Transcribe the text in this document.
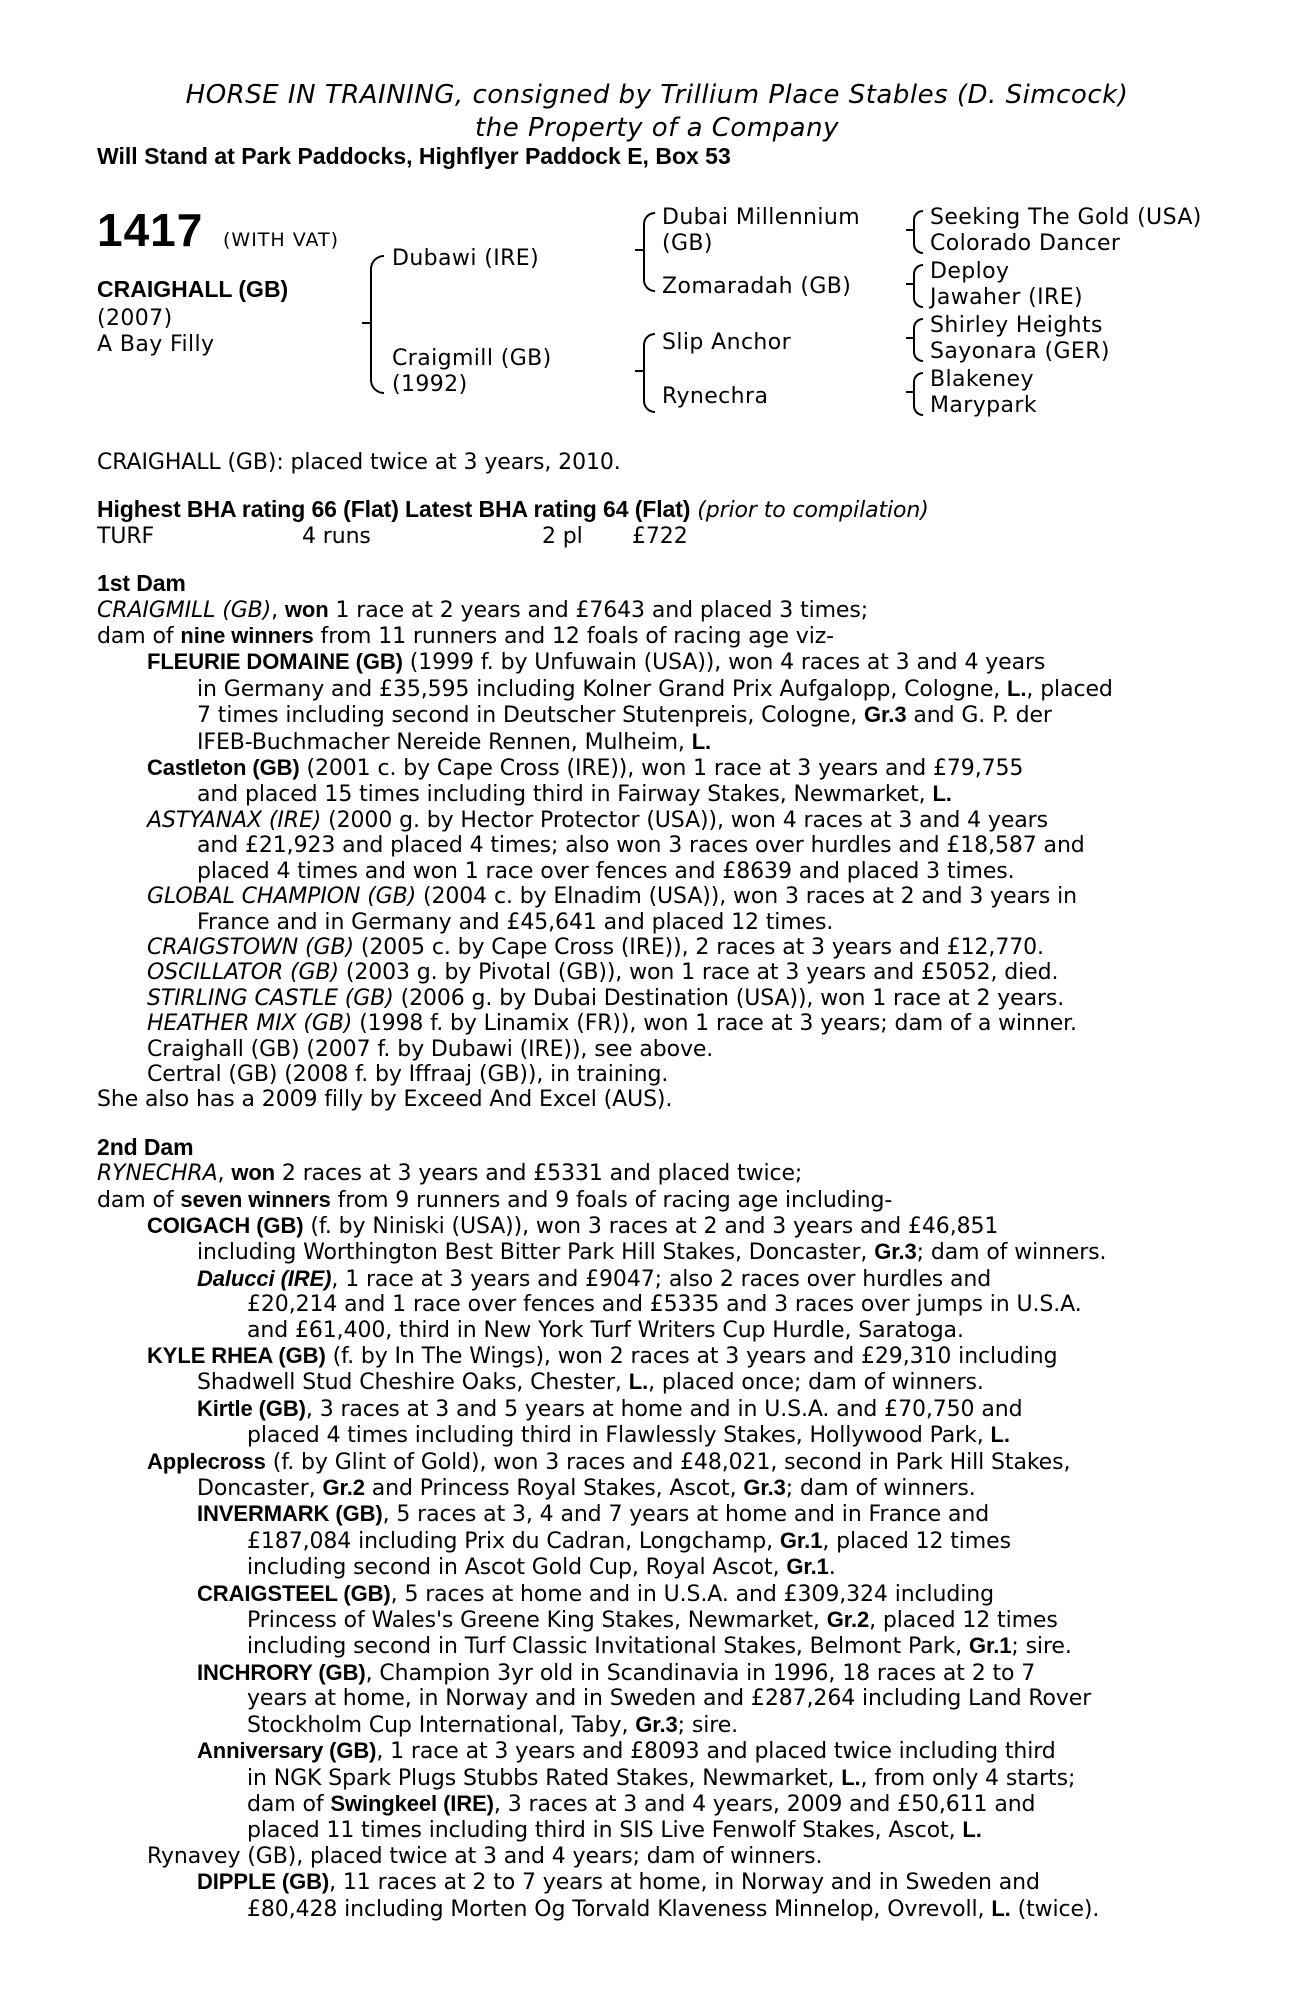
HORSE IN TRAINING, consigned by Trillium Place Stables (D. Simcock)
the Property of a Company
Will Stand at Park Paddocks, Highflyer Paddock E, Box 53
1417 (WITH VAT)
CRAIGHALL (GB)
(2007)
A Bay Filly
Dubawi (IRE)
Craigmill (GB)
(1992)
Dubai Millennium
(GB)
Zomaradah (GB)
Slip Anchor
Rynechra
Seeking The Gold (USA)
Colorado Dancer
Deploy
Jawaher (IRE)
Shirley Heights
Sayonara (GER)
Blakeney
Marypark

CRAIGHALL (GB): placed twice at 3 years, 2010.

Highest BHA rating 66 (Flat) Latest BHA rating 64 (Flat) (prior to compilation)

TURF	4 runs	2 pl £722

1st Dam

CRAIGMILL (GB), won 1 race at 2 years and £7643 and placed 3 times;

dam of nine winners from 11 runners and 12 foals of racing age viz-

FLEURIE DOMAINE (GB) (1999 f. by Unfuwain (USA)), won 4 races at 3 and 4 years

in Germany and £35,595 including Kolner Grand Prix Aufgalopp, Cologne, L., placed

7 times including second in Deutscher Stutenpreis, Cologne, Gr.3 and G. P. der

IFEB-Buchmacher Nereide Rennen, Mulheim, L.

Castleton (GB) (2001 c. by Cape Cross (IRE)), won 1 race at 3 years and £79,755

and placed 15 times including third in Fairway Stakes, Newmarket, L.

ASTYANAX (IRE) (2000 g. by Hector Protector (USA)), won 4 races at 3 and 4 years

and £21,923 and placed 4 times; also won 3 races over hurdles and £18,587 and

placed 4 times and won 1 race over fences and £8639 and placed 3 times.

GLOBAL CHAMPION (GB) (2004 c. by Elnadim (USA)), won 3 races at 2 and 3 years in

France and in Germany and £45,641 and placed 12 times.

CRAIGSTOWN (GB) (2005 c. by Cape Cross (IRE)), 2 races at 3 years and £12,770.

OSCILLATOR (GB) (2003 g. by Pivotal (GB)), won 1 race at 3 years and £5052, died.

STIRLING CASTLE (GB) (2006 g. by Dubai Destination (USA)), won 1 race at 2 years.

HEATHER MIX (GB) (1998 f. by Linamix (FR)), won 1 race at 3 years; dam of a winner.

Craighall (GB) (2007 f. by Dubawi (IRE)), see above.

Certral (GB) (2008 f. by Iffraaj (GB)), in training.

She also has a 2009 filly by Exceed And Excel (AUS).

2nd Dam

RYNECHRA, won 2 races at 3 years and £5331 and placed twice;

dam of seven winners from 9 runners and 9 foals of racing age including-

COIGACH (GB) (f. by Niniski (USA)), won 3 races at 2 and 3 years and £46,851

including Worthington Best Bitter Park Hill Stakes, Doncaster, Gr.3; dam of winners.

Dalucci (IRE), 1 race at 3 years and £9047; also 2 races over hurdles and

£20,214 and 1 race over fences and £5335 and 3 races over jumps in U.S.A.

and £61,400, third in New York Turf Writers Cup Hurdle, Saratoga.

KYLE RHEA (GB) (f. by In The Wings), won 2 races at 3 years and £29,310 including

Shadwell Stud Cheshire Oaks, Chester, L., placed once; dam of winners.

Kirtle (GB), 3 races at 3 and 5 years at home and in U.S.A. and £70,750 and

placed 4 times including third in Flawlessly Stakes, Hollywood Park, L.

Applecross (f. by Glint of Gold), won 3 races and £48,021, second in Park Hill Stakes,

Doncaster, Gr.2 and Princess Royal Stakes, Ascot, Gr.3; dam of winners.

INVERMARK (GB), 5 races at 3, 4 and 7 years at home and in France and

£187,084 including Prix du Cadran, Longchamp, Gr.1, placed 12 times

including second in Ascot Gold Cup, Royal Ascot, Gr.1.

CRAIGSTEEL (GB), 5 races at home and in U.S.A. and £309,324 including

Princess of Wales's Greene King Stakes, Newmarket, Gr.2, placed 12 times

including second in Turf Classic Invitational Stakes, Belmont Park, Gr.1; sire.

INCHRORY (GB), Champion 3yr old in Scandinavia in 1996, 18 races at 2 to 7

years at home, in Norway and in Sweden and £287,264 including Land Rover

Stockholm Cup International, Taby, Gr.3; sire.

Anniversary (GB), 1 race at 3 years and £8093 and placed twice including third

in NGK Spark Plugs Stubbs Rated Stakes, Newmarket, L., from only 4 starts;

dam of Swingkeel (IRE), 3 races at 3 and 4 years, 2009 and £50,611 and

placed 11 times including third in SIS Live Fenwolf Stakes, Ascot, L.

Rynavey (GB), placed twice at 3 and 4 years; dam of winners.

DIPPLE (GB), 11 races at 2 to 7 years at home, in Norway and in Sweden and

£80,428 including Morten Og Torvald Klaveness Minnelop, Ovrevoll, L. (twice).
